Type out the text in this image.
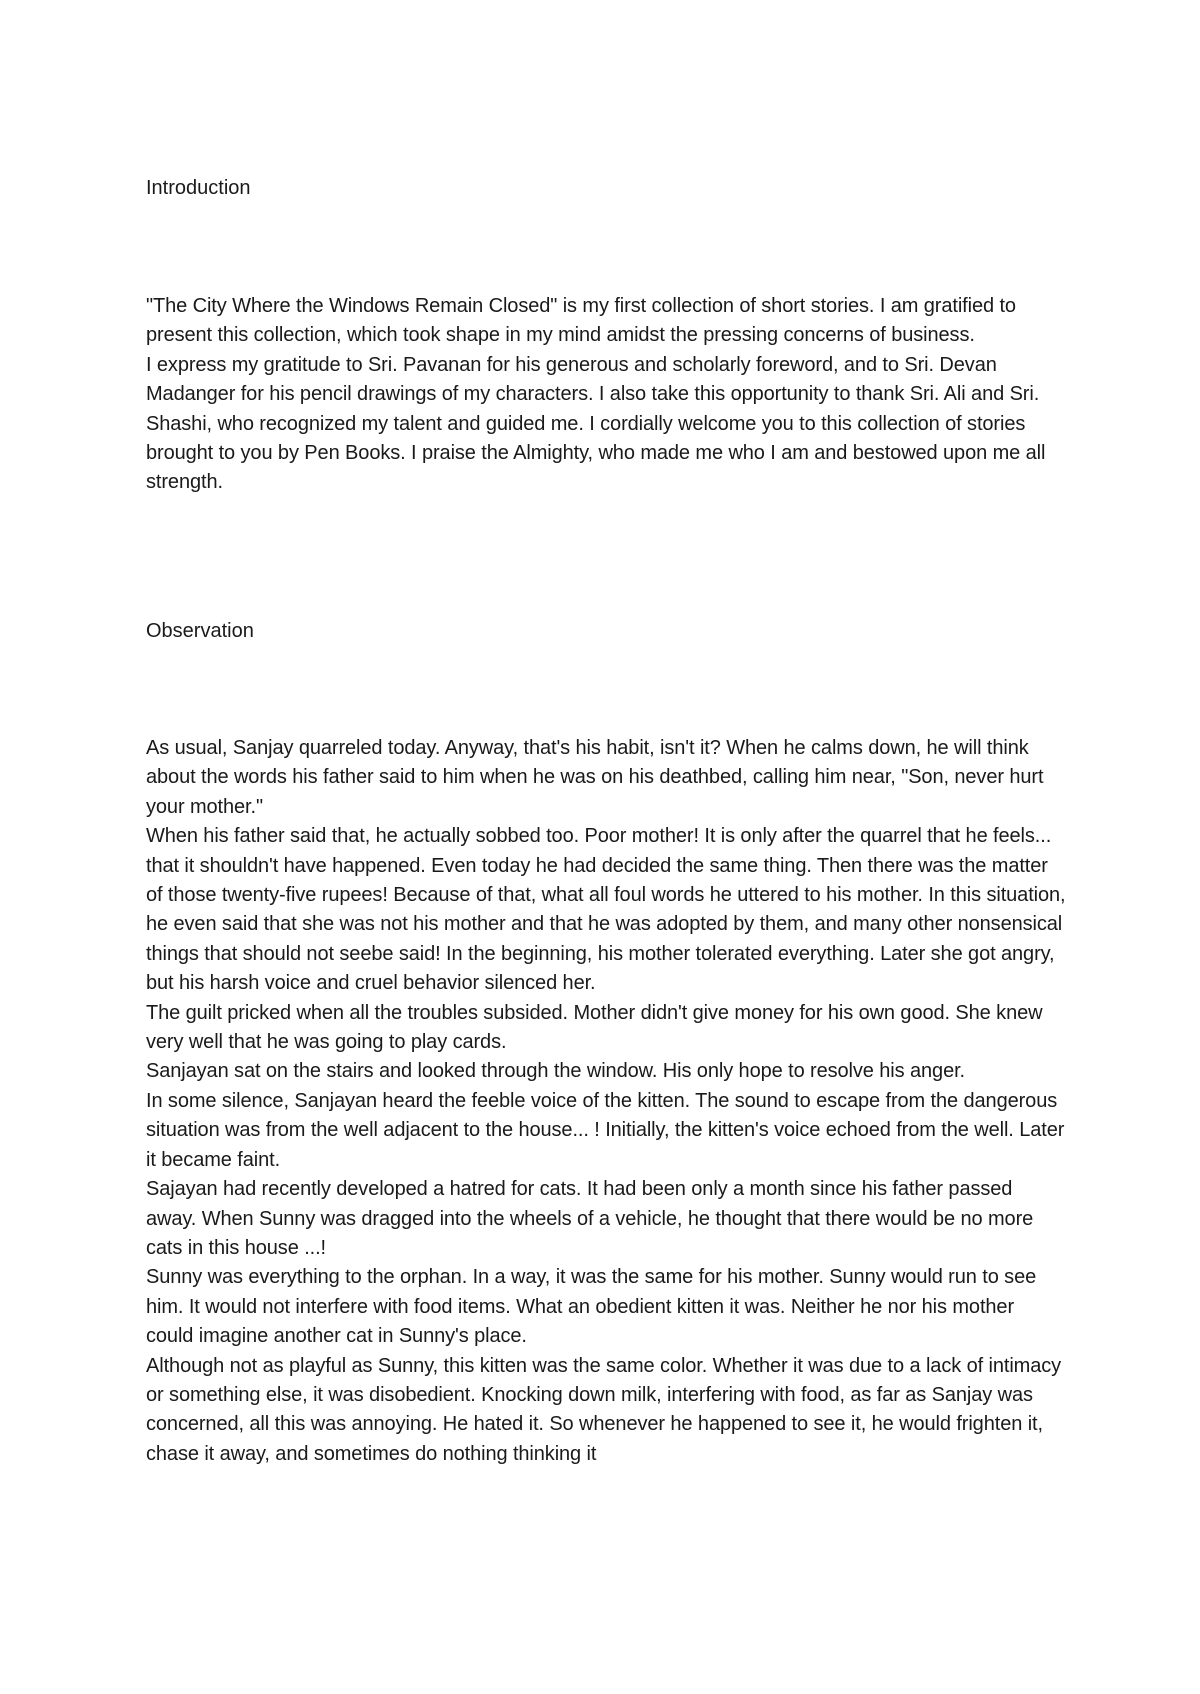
Introduction

"The City Where the Windows Remain Closed" is my first collection of short stories. I am gratified to present this collection, which took shape in my mind amidst the pressing concerns of business.

I express my gratitude to Sri. Pavanan for his generous and scholarly foreword, and to Sri. Devan Madanger for his pencil drawings of my characters. I also take this opportunity to thank Sri. Ali and Sri. Shashi, who recognized my talent and guided me. I cordially welcome you to this collection of stories brought to you by Pen Books. I praise the Almighty, who made me who I am and bestowed upon me all strength.

Observation

As usual, Sanjay quarreled today. Anyway, that's his habit, isn't it? When he calms down, he will think about the words his father said to him when he was on his deathbed, calling him near, "Son, never hurt your mother."

When his father said that, he actually sobbed too. Poor mother! It is only after the quarrel that he feels... that it shouldn't have happened. Even today he had decided the same thing. Then there was the matter of those twenty-five rupees! Because of that, what all foul words he uttered to his mother. In this situation, he even said that she was not his mother and that he was adopted by them, and many other nonsensical things that should not seebe said! In the beginning, his mother tolerated everything. Later she got angry, but his harsh voice and cruel behavior silenced her.

The guilt pricked when all the troubles subsided. Mother didn't give money for his own good. She knew very well that he was going to play cards.

Sanjayan sat on the stairs and looked through the window. His only hope to resolve his anger.

In some silence, Sanjayan heard the feeble voice of the kitten. The sound to escape from the dangerous situation was from the well adjacent to the house... ! Initially, the kitten's voice echoed from the well. Later it became faint.

Sajayan had recently developed a hatred for cats. It had been only a month since his father passed away. When Sunny was dragged into the wheels of a vehicle, he thought that there would be no more cats in this house ...!

Sunny was everything to the orphan. In a way, it was the same for his mother. Sunny would run to see him. It would not interfere with food items. What an obedient kitten it was. Neither he nor his mother could imagine another cat in Sunny's place.

Although not as playful as Sunny, this kitten was the same color. Whether it was due to a lack of intimacy or something else, it was disobedient. Knocking down milk, interfering with food, as far as Sanjay was concerned, all this was annoying. He hated it. So whenever he happened to see it, he would frighten it, chase it away, and sometimes do nothing thinking it
